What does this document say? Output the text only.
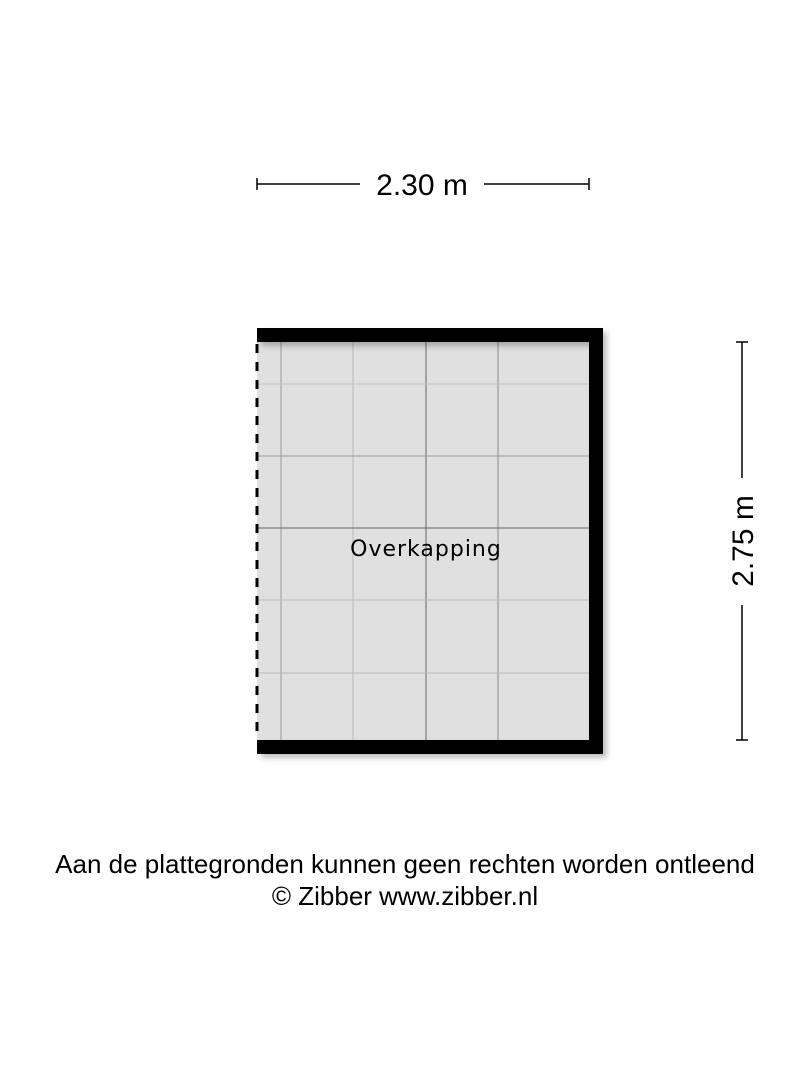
2.30 m
2.75 m
Overkapping
Aan de plattegronden kunnen geen rechten worden ontleend
© Zibber www.zibber.nl
